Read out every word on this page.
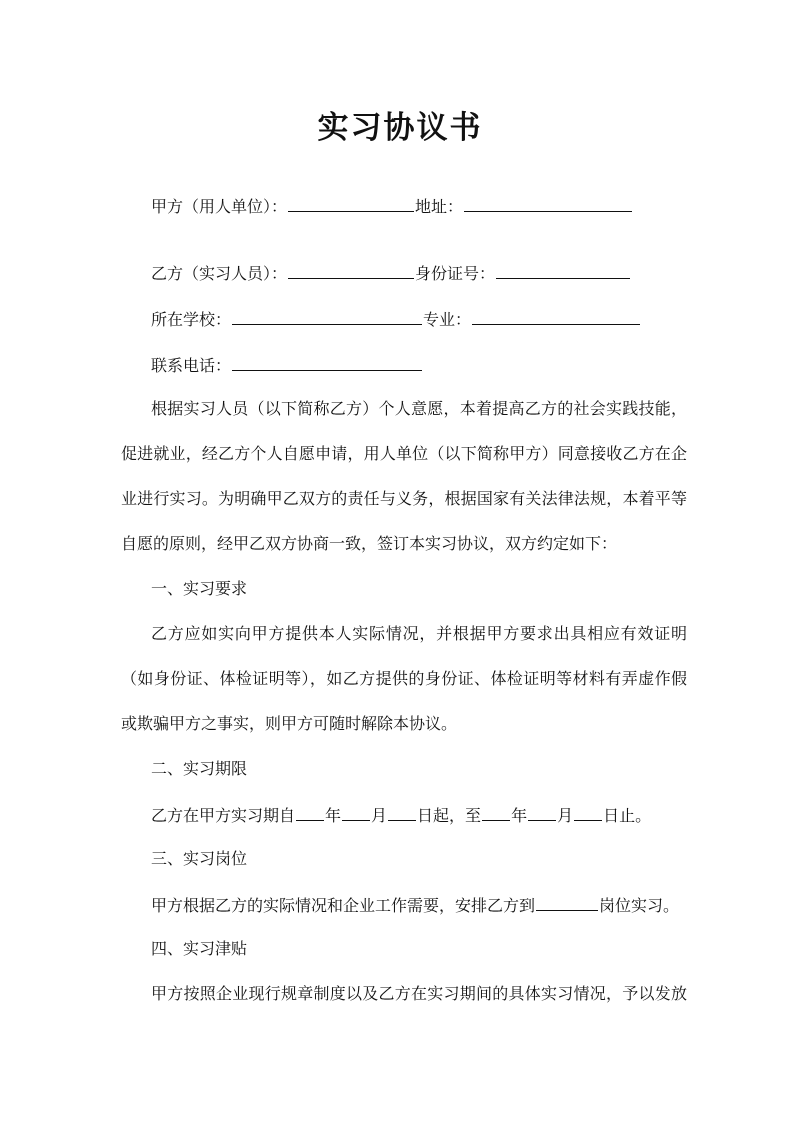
实习协议书
甲方（用人单位）：	地址：
乙方（实习人员）：	身份证号：
所在学校：	专业：
联系电话：
根据实习人员（以下简称乙方）个人意愿，本着提高乙方的社会实践技能，
促进就业，经乙方个人自愿申请，用人单位（以下简称甲方）同意接收乙方在企
业进行实习。为明确甲乙双方的责任与义务，根据国家有关法律法规，本着平等
自愿的原则，经甲乙双方协商一致，签订本实习协议，双方约定如下：
一、实习要求
乙方应如实向甲方提供本人实际情况，并根据甲方要求出具相应有效证明
（如身份证、体检证明等），如乙方提供的身份证、体检证明等材料有弄虚作假
或欺骗甲方之事实，则甲方可随时解除本协议。
二、实习期限
乙方在甲方实习期自 年 月 日起，至 年 月 日止。
三、实习岗位
甲方根据乙方的实际情况和企业工作需要，安排乙方到	岗位实习。
四、实习津贴
甲方按照企业现行规章制度以及乙方在实习期间的具体实习情况，予以发放
